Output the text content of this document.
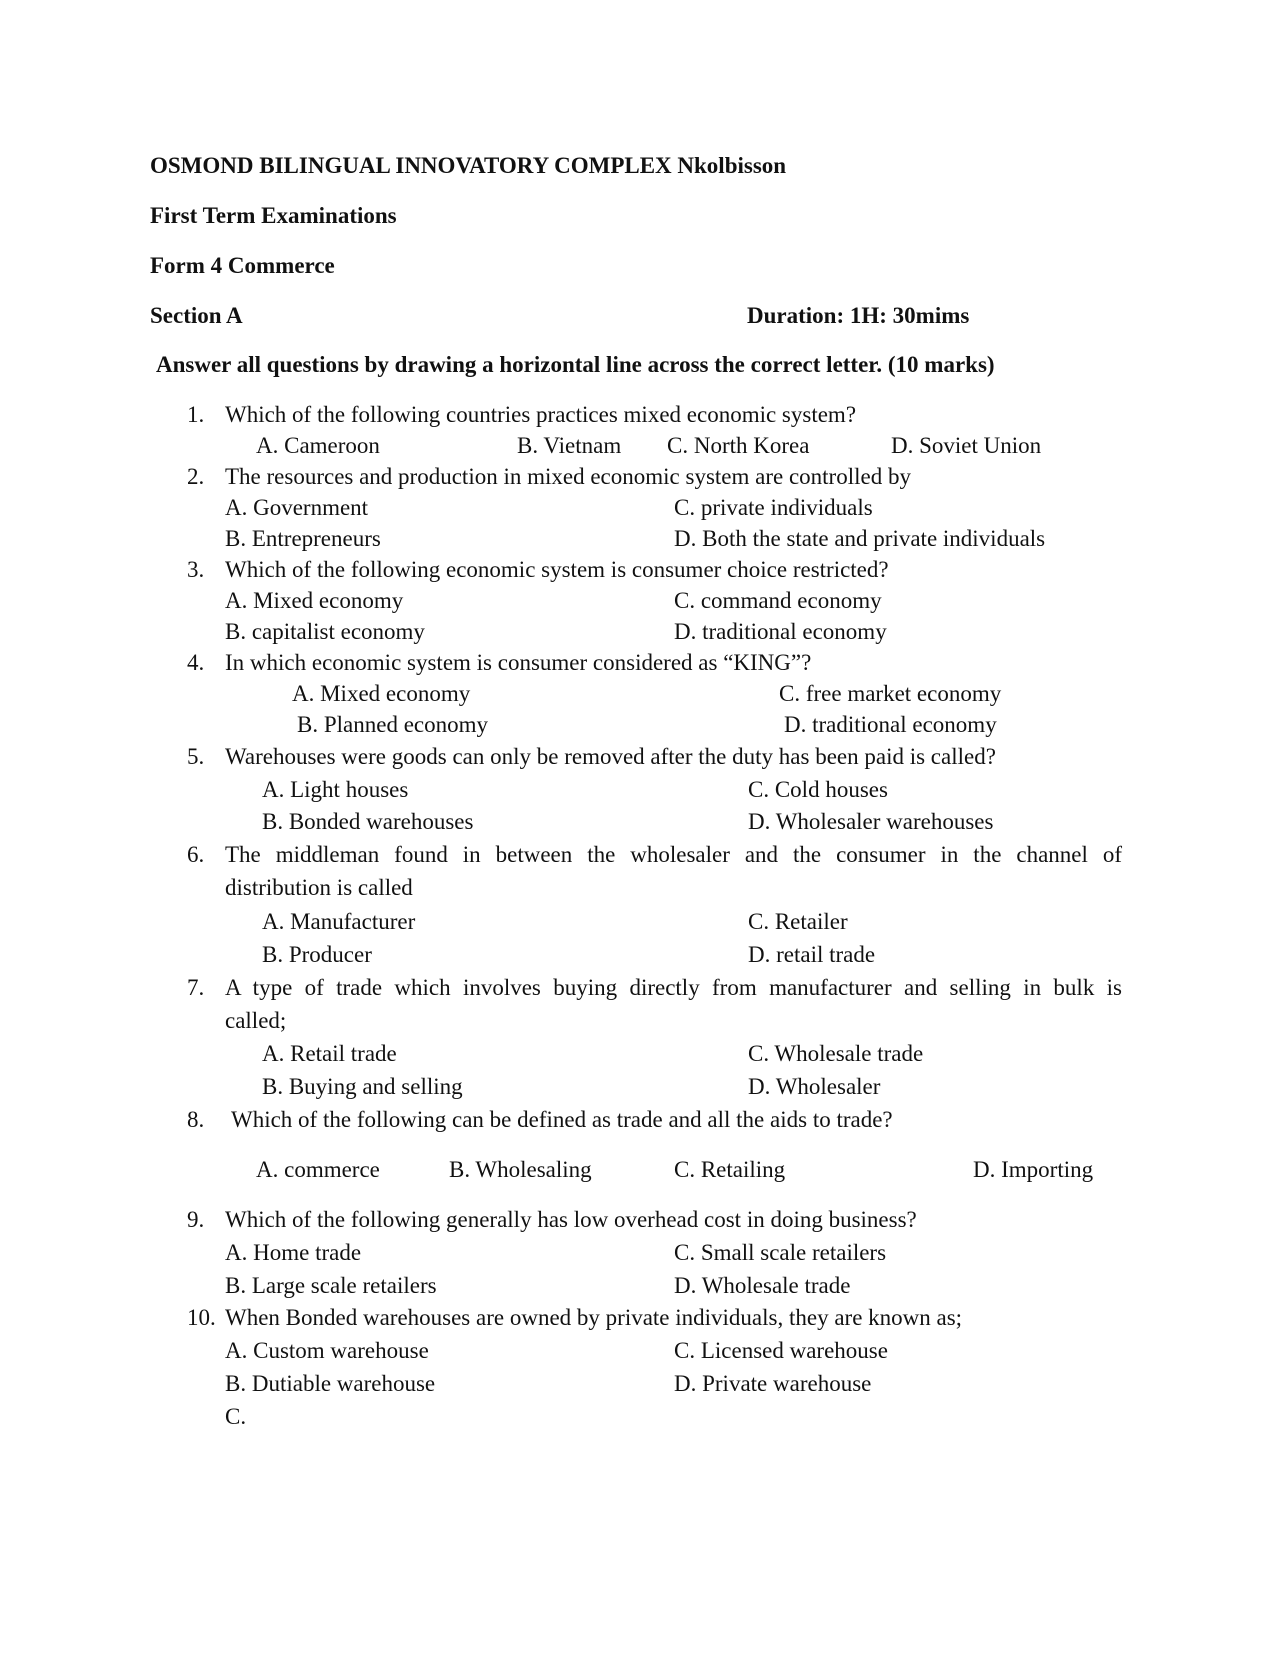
OSMOND BILINGUAL INNOVATORY COMPLEX Nkolbisson
First Term Examinations
Form 4 Commerce
Section A	Duration: 1H: 30mims
Answer all questions by drawing a horizontal line across the correct letter. (10 marks)
1. Which of the following countries practices mixed economic system?
A. Cameroon	B. Vietnam C. North Korea	D. Soviet Union
2. The resources and production in mixed economic system are controlled by
A. Government	C. private individuals
B. Entrepreneurs	D. Both the state and private individuals
3. Which of the following economic system is consumer choice restricted?
A. Mixed economy	C. command economy
B. capitalist economy	D. traditional economy
4. In which economic system is consumer considered as “KING”?
A. Mixed economy	C. free market economy
B. Planned economy	D. traditional economy
5. Warehouses were goods can only be removed after the duty has been paid is called?
A. Light houses	C. Cold houses
B. Bonded warehouses	D. Wholesaler warehouses
6. The middleman found in between the wholesaler and the consumer in the channel of
distribution is called
A. Manufacturer	C. Retailer
B. Producer	D. retail trade
7. A type of trade which involves buying directly from manufacturer and selling in bulk is
called;
A. Retail trade	C. Wholesale trade
B. Buying and selling	D. Wholesaler
8. Which of the following can be defined as trade and all the aids to trade?
A. commerce	B. Wholesaling	C. Retailing	D. Importing
9. Which of the following generally has low overhead cost in doing business?
A. Home trade	C. Small scale retailers
B. Large scale retailers	D. Wholesale trade
10. When Bonded warehouses are owned by private individuals, they are known as;
A. Custom warehouse	C. Licensed warehouse
B. Dutiable warehouse	D. Private warehouse
C.
